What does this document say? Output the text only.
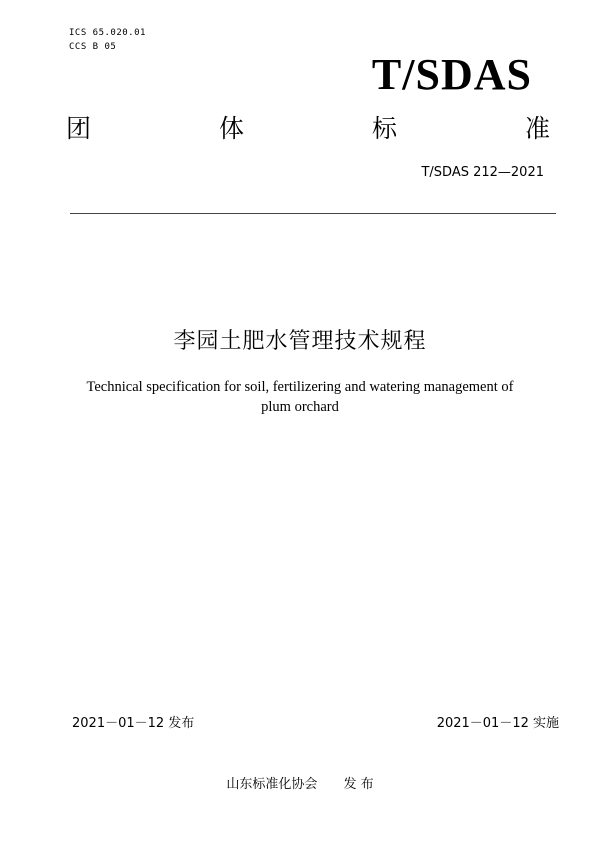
ICS 65.020.01
CCS B 05
T/SDAS
团	体	标	准
T/SDAS 212—2021
李园土肥水管理技术规程
Technical specification for soil, fertilizering and watering management of plum orchard
2021－01－12 发布	2021－01－12 实施
山东标准化协会 发 布
